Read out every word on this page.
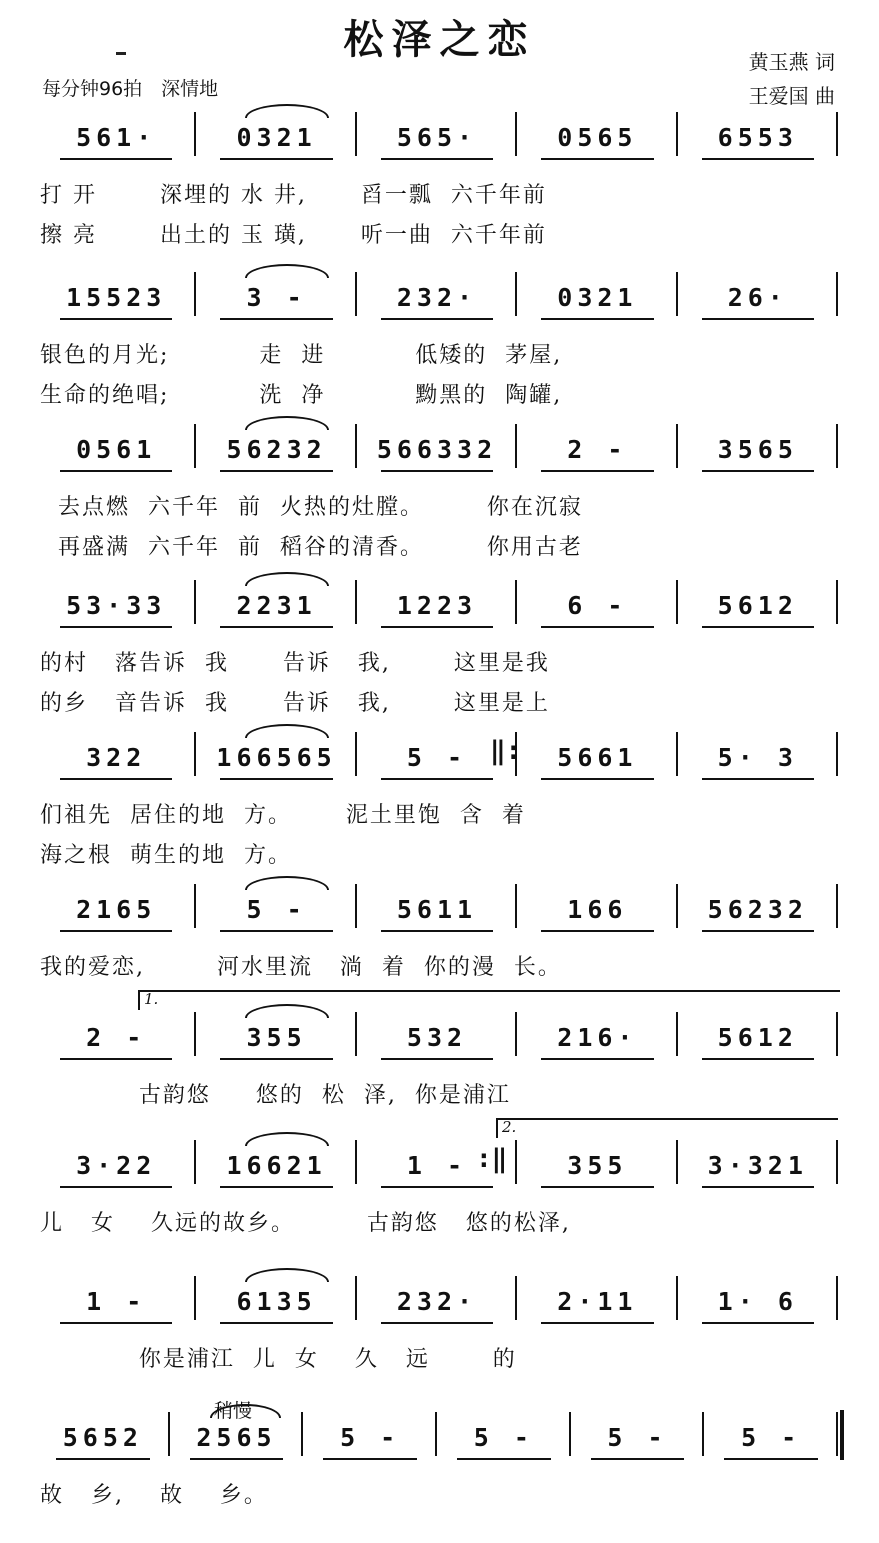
松泽之恋	黄玉燕 词
王爱国 曲
每分钟96拍　深情地
561·	0321	565·	0565	6553
打 开       深埋的 水 井,      舀一瓢  六千年前
擦 亮       出土的 玉 璜,      听一曲  六千年前
15523	3 -	232·	0321	26·
银色的月光;          走  进          低矮的  茅屋,
生命的绝唱;          洗  净          黝黑的  陶罐,
0561	56232	566332	2 -	3565
去点燃  六千年  前  火热的灶膛。       你在沉寂
再盛满  六千年  前  稻谷的清香。       你用古老
53·33	2231	1223	6 -	5612
的村   落告诉  我      告诉   我,       这里是我
的乡   音告诉  我      告诉   我,       这里是上
322	166565	5 -	5661	5· 3
们祖先  居住的地  方。      泥土里饱  含  着
海之根  萌生的地  方。
2165	5 -	5611	166	56232
我的爱恋,        河水里流   淌  着  你的漫  长。
2 -	355	532	216·	5612
古韵悠     悠的  松  泽,  你是浦江
1.
3·22	16621	1 -	355	3·321
儿   女    久远的故乡。        古韵悠   悠的松泽,
2.
1 -	6135	232·	2·11	1· 6
你是浦江  儿  女    久   远       的
5652	2565	5 -	5 -	5 -	5 -
故   乡,    故    乡。
稍慢
‖:
:‖
